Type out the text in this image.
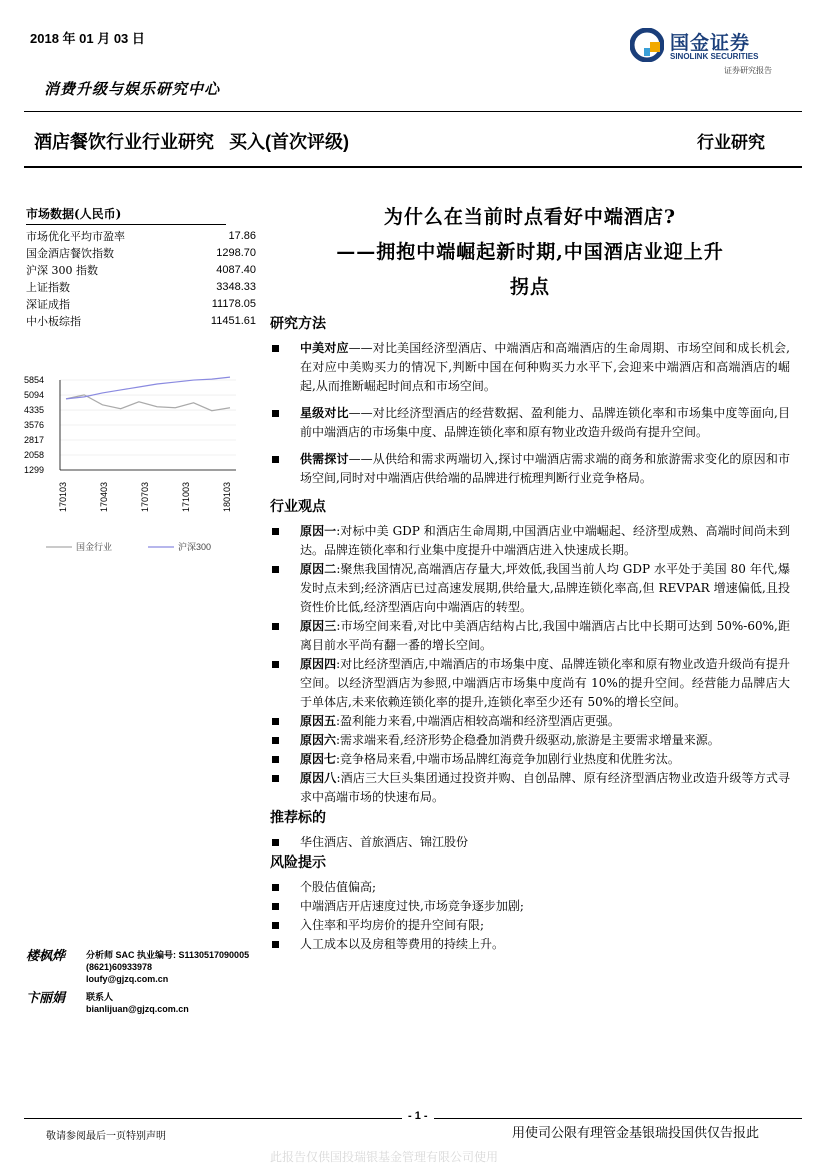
2018 年 01 月 03 日	国金证券
SINOLINK SECURITIES
证券研究报告
消费升级与娱乐研究中心
酒店餐饮行业行业研究   买入(首次评级)	行业研究
市场数据(人民币)
市场优化平均市盈率	17.86
国金酒店餐饮指数	1298.70
沪深 300 指数	4087.40
上证指数	3348.33
深证成指	11178.05
中小板综指	11451.61
5854
5094
4335
3576
2817
2058
1299
170103	170403	170703	171003	180103
国金行业	沪深300
楼枫烨 分析师 SAC 执业编号: S1130517090005
(8621)60933978
loufy@gjzq.com.cn
卞丽娟 联系人
bianlijuan@gjzq.com.cn
为什么在当前时点看好中端酒店?
——拥抱中端崛起新时期,中国酒店业迎上升
拐点
研究方法
中美对应——对比美国经济型酒店、中端酒店和高端酒店的生命周期、市场空间和成长机会,在对应中美购买力的情况下,判断中国在何种购买力水平下,会迎来中端酒店和高端酒店的崛起,从而推断崛起时间点和市场空间。
星级对比——对比经济型酒店的经营数据、盈利能力、品牌连锁化率和市场集中度等面向,目前中端酒店的市场集中度、品牌连锁化率和原有物业改造升级尚有提升空间。
供需探讨——从供给和需求两端切入,探讨中端酒店需求端的商务和旅游需求变化的原因和市场空间,同时对中端酒店供给端的品牌进行梳理判断行业竞争格局。
行业观点
原因一:对标中美 GDP 和酒店生命周期,中国酒店业中端崛起、经济型成熟、高端时间尚未到达。品牌连锁化率和行业集中度提升中端酒店进入快速成长期。
原因二:聚焦我国情况,高端酒店存量大,坪效低,我国当前人均 GDP 水平处于美国 80 年代,爆发时点未到;经济酒店已过高速发展期,供给量大,品牌连锁化率高,但 REVPAR 增速偏低,且投资性价比低,经济型酒店向中端酒店的转型。
原因三:市场空间来看,对比中美酒店结构占比,我国中端酒店占比中长期可达到 50%-60%,距离目前水平尚有翻一番的增长空间。
原因四:对比经济型酒店,中端酒店的市场集中度、品牌连锁化率和原有物业改造升级尚有提升空间。以经济型酒店为参照,中端酒店市场集中度尚有 10%的提升空间。经营能力品牌店大于单体店,未来依赖连锁化率的提升,连锁化率至少还有 50%的增长空间。
原因五:盈利能力来看,中端酒店相较高端和经济型酒店更强。
原因六:需求端来看,经济形势企稳叠加消费升级驱动,旅游是主要需求增量来源。
原因七:竞争格局来看,中端市场品牌红海竞争加剧行业热度和优胜劣汰。
原因八:酒店三大巨头集团通过投资并购、自创品牌、原有经济型酒店物业改造升级等方式寻求中高端市场的快速布局。
推荐标的
华住酒店、首旅酒店、锦江股份
风险提示
个股估值偏高;
中端酒店开店速度过快,市场竞争逐步加剧;
入住率和平均房价的提升空间有限;
人工成本以及房租等费用的持续上升。
- 1 -
敬请参阅最后一页特别声明	用使司公限有理管金基银瑞投国供仅告报此
此报告仅供国投瑞银基金管理有限公司使用
